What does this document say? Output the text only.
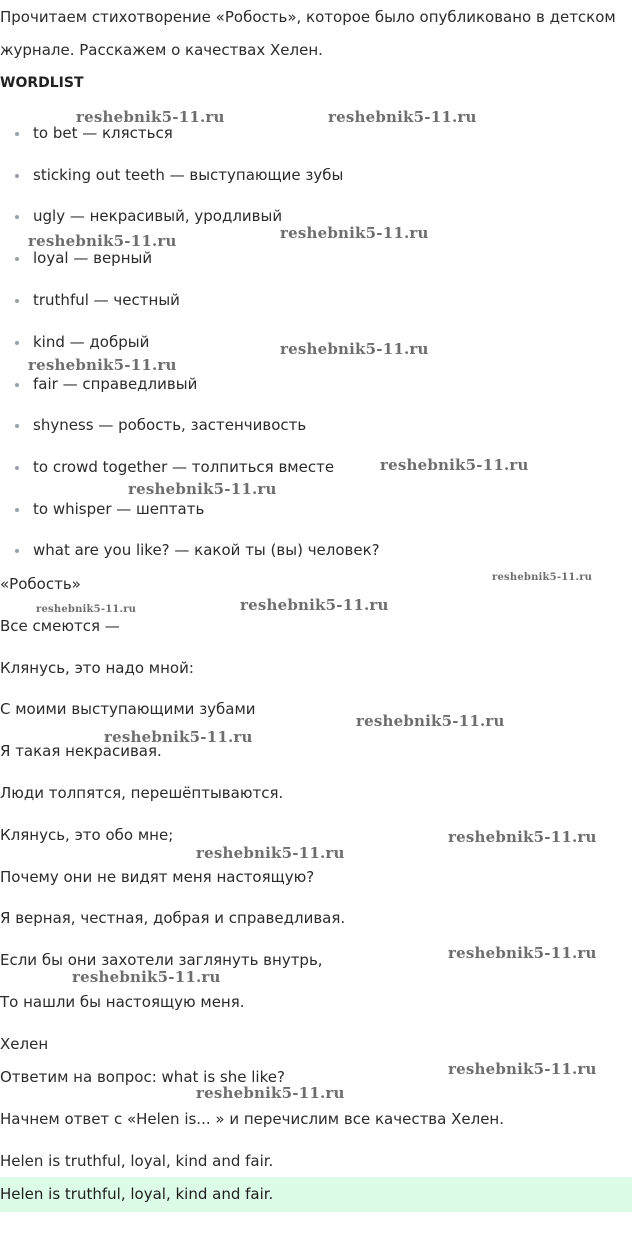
Прочитаем стихотворение «Робость», которое было опубликовано в детском

журнале. Расскажем о качествах Хелен.

WORDLIST

to bet — клясться
sticking out teeth — выступающие зубы
ugly — некрасивый, уродливый
loyal — верный
truthful — честный
kind — добрый
fair — справедливый
shyness — робость, застенчивость
to crowd together — толпиться вместе
to whisper — шептать
what are you like? — какой ты (вы) человек?

«Робость»

Все смеются —

Клянусь, это надо мной:

С моими выступающими зубами

Я такая некрасивая.

Люди толпятся, перешёптываются.

Клянусь, это обо мне;

Почему они не видят меня настоящую?

Я верная, честная, добрая и справедливая.

Если бы они захотели заглянуть внутрь,

То нашли бы настоящую меня.

Хелен

Ответим на вопрос: what is she like?

Начнем ответ с «Helen is... » и перечислим все качества Хелен.

Helen is truthful, loyal, kind and fair.

Helen is truthful, loyal, kind and fair.
reshebnik5-11.ru	reshebnik5-11.ru
reshebnik5-11.ru
reshebnik5-11.ru
reshebnik5-11.ru
reshebnik5-11.ru
reshebnik5-11.ru
reshebnik5-11.ru
reshebnik5-11.ru
reshebnik5-11.ru
reshebnik5-11.ru
reshebnik5-11.ru
reshebnik5-11.ru
reshebnik5-11.ru
reshebnik5-11.ru
reshebnik5-11.ru
reshebnik5-11.ru
reshebnik5-11.ru
reshebnik5-11.ru
